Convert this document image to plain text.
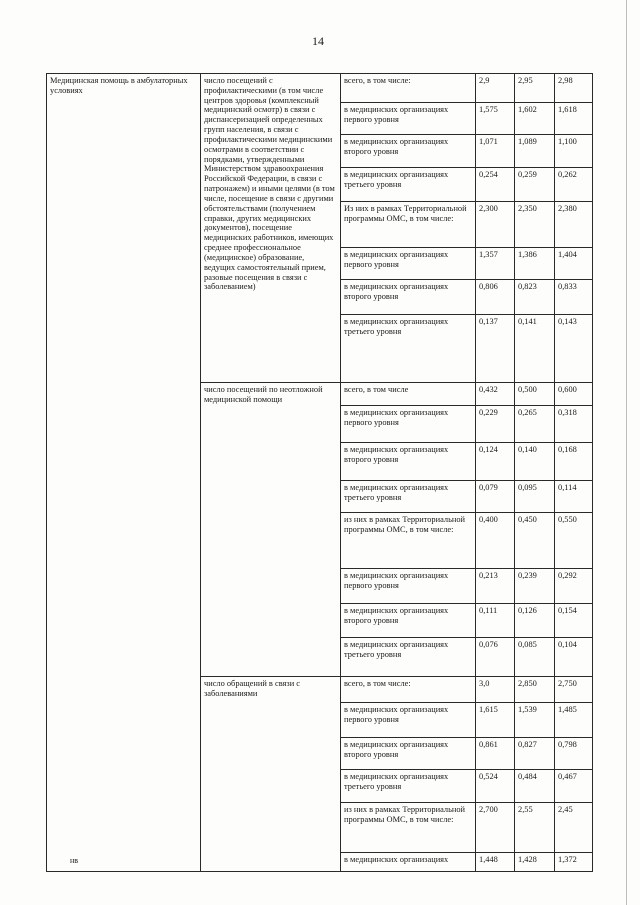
14
Медицинская помощь в амбулаторных условиях	число посещений с профилактическими (в том числе центров здоровья (комплексный медицинский осмотр) в связи с диспансеризацией определенных групп населения, в связи с профилактическими медицинскими осмотрами в соответствии с порядками, утвержденными Министерством здравоохранения Российской Федерации, в связи с патронажем) и иными целями (в том числе, посещение в связи с другими обстоятельствами (получением справки, других медицинских документов), посещение медицинских работников, имеющих среднее профессиональное (медицинское) образование, ведущих самостоятельный прием, разовые посещения в связи с заболеванием)	всего, в том числе:	2,9	2,95	2,98
		в медицинских организациях первого уровня	1,575	1,602	1,618
		в медицинских организациях второго уровня	1,071	1,089	1,100
		в медицинских организациях третьего уровня	0,254	0,259	0,262
		Из них в рамках Территориальной программы ОМС, в том числе:	2,300	2,350	2,380
		в медицинских организациях первого уровня	1,357	1,386	1,404
		в медицинских организациях второго уровня	0,806	0,823	0,833
		в медицинских организациях третьего уровня	0,137	0,141	0,143
	число посещений по неотложной медицинской помощи	всего, в том числе	0,432	0,500	0,600
		в медицинских организациях первого уровня	0,229	0,265	0,318
		в медицинских организациях второго уровня	0,124	0,140	0,168
		в медицинских организациях третьего уровня	0,079	0,095	0,114
		из них в рамках Территориальной программы ОМС, в том числе:	0,400	0,450	0,550
		в медицинских организациях первого уровня	0,213	0,239	0,292
		в медицинских организациях второго уровня	0,111	0,126	0,154
		в медицинских организациях третьего уровня	0,076	0,085	0,104
	число обращений в связи с заболеваниями	всего, в том числе:	3,0	2,850	2,750
		в медицинских организациях первого уровня	1,615	1,539	1,485
		в медицинских организациях второго уровня	0,861	0,827	0,798
		в медицинских организациях третьего уровня	0,524	0,484	0,467
		из них в рамках Территориальной программы ОМС, в том числе:	2,700	2,55	2,45
		в медицинских организациях	1,448	1,428	1,372
нв
